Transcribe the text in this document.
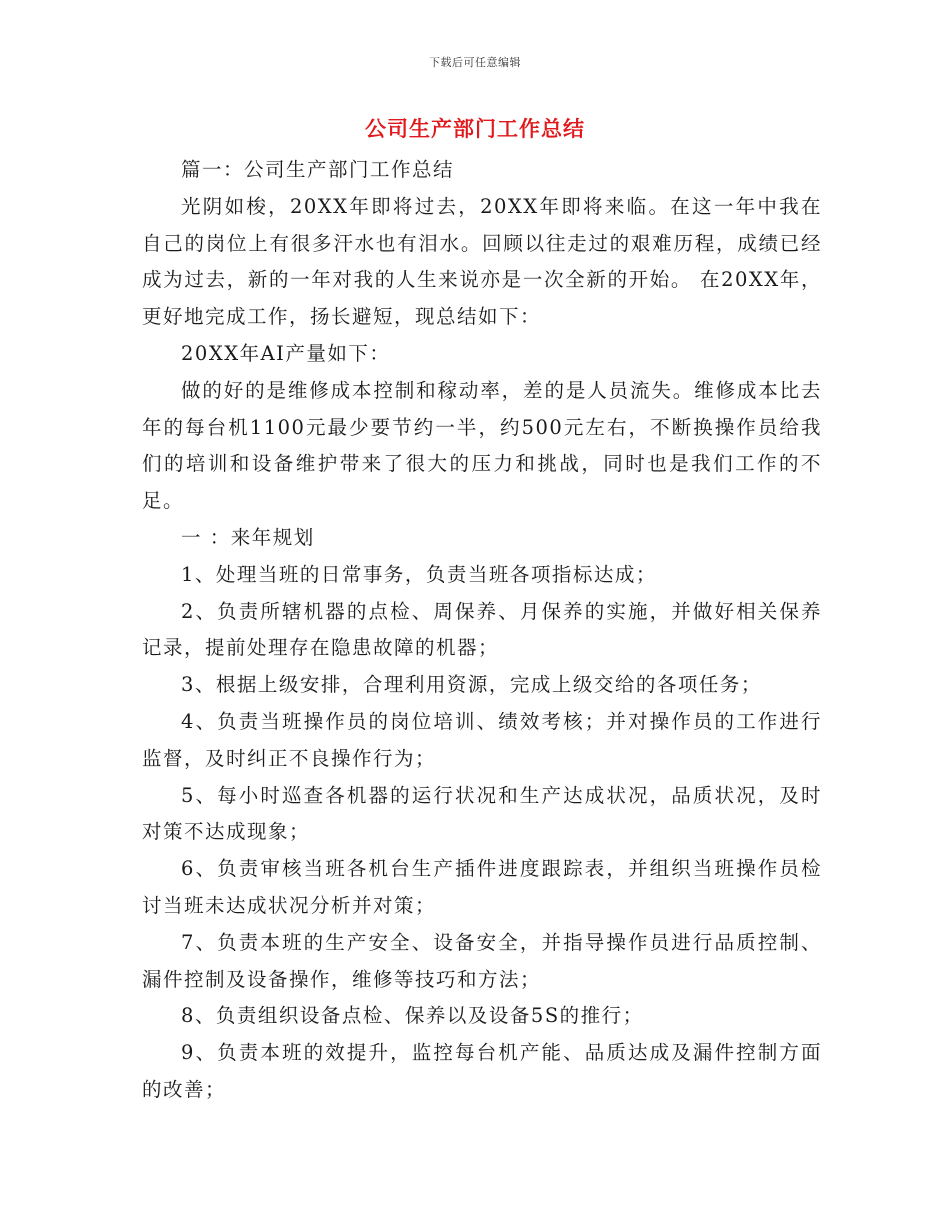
下载后可任意编辑
公司生产部门工作总结

篇一：公司生产部门工作总结

光阴如梭，20XX年即将过去，20XX年即将来临。在这一年中我在自己的岗位上有很多汗水也有泪水。回顾以往走过的艰难历程，成绩已经成为过去，新的一年对我的人生来说亦是一次全新的开始。 在20XX年，更好地完成工作，扬长避短，现总结如下：

20XX年AI产量如下：

做的好的是维修成本控制和稼动率，差的是人员流失。维修成本比去年的每台机1100元最少要节约一半，约500元左右，不断换操作员给我们的培训和设备维护带来了很大的压力和挑战，同时也是我们工作的不足。

一 ：来年规划

1、处理当班的日常事务，负责当班各项指标达成；

2、负责所辖机器的点检、周保养、月保养的实施，并做好相关保养记录，提前处理存在隐患故障的机器；

3、根据上级安排，合理利用资源，完成上级交给的各项任务；

4、负责当班操作员的岗位培训、绩效考核；并对操作员的工作进行监督，及时纠正不良操作行为；

5、每小时巡查各机器的运行状况和生产达成状况，品质状况，及时对策不达成现象；

6、负责审核当班各机台生产插件进度跟踪表，并组织当班操作员检讨当班未达成状况分析并对策；

7、负责本班的生产安全、设备安全，并指导操作员进行品质控制、漏件控制及设备操作，维修等技巧和方法；

8、负责组织设备点检、保养以及设备5S的推行；

9、负责本班的效提升，监控每台机产能、品质达成及漏件控制方面的改善；
